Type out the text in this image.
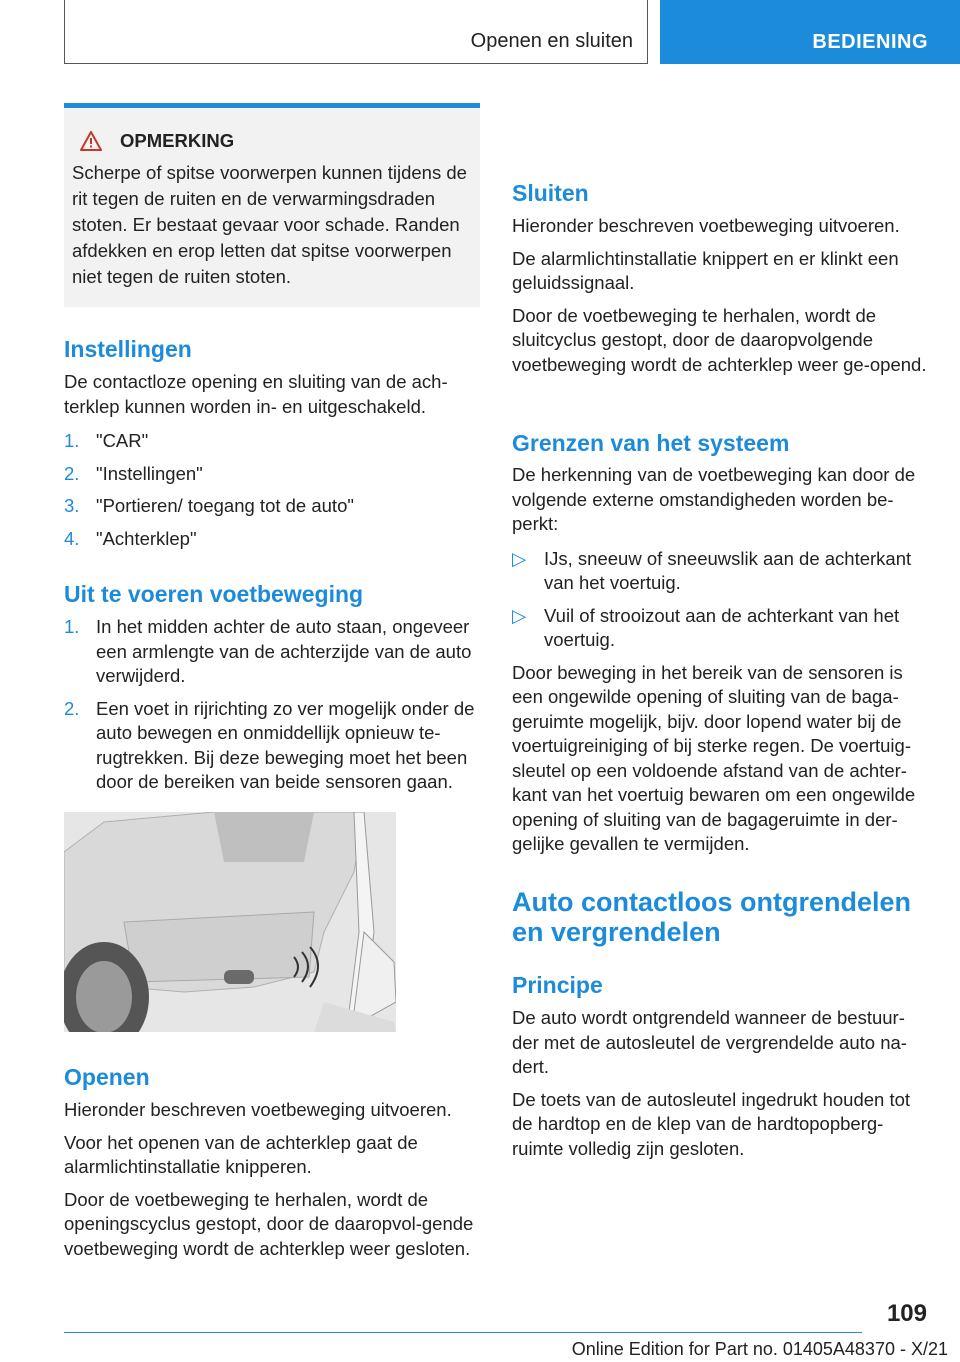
Openen en sluiten	BEDIENING
OPMERKING

Scherpe of spitse voorwerpen kunnen tijdens de rit tegen de ruiten en de verwarmingsdraden stoten. Er bestaat gevaar voor schade. Randen afdekken en erop letten dat spitse voorwerpen niet tegen de ruiten stoten.

Instellingen

De contactloze opening en sluiting van de ach-terklep kunnen worden in- en uitgeschakeld.

1. "CAR"
2. "Instellingen"
3. "Portieren/ toegang tot de auto"
4. "Achterklep"
Uit te voeren voetbeweging
1. In het midden achter de auto staan, ongeveer een armlengte van de achterzijde van de auto verwijderd.
2. Een voet in rijrichting zo ver mogelijk onder de auto bewegen en onmiddellijk opnieuw te-rugtrekken. Bij deze beweging moet het been door de bereiken van beide sensoren gaan.
Openen

Hieronder beschreven voetbeweging uitvoeren.

Voor het openen van de achterklep gaat de alarmlichtinstallatie knipperen.

Door de voetbeweging te herhalen, wordt de openingscyclus gestopt, door de daaropvol-gende voetbeweging wordt de achterklep weer gesloten.

Sluiten

Hieronder beschreven voetbeweging uitvoeren.

De alarmlichtinstallatie knippert en er klinkt een geluidssignaal.

Door de voetbeweging te herhalen, wordt de sluitcyclus gestopt, door de daaropvolgende voetbeweging wordt de achterklep weer ge-opend.

Grenzen van het systeem

De herkenning van de voetbeweging kan door de volgende externe omstandigheden worden be-perkt:

▷ IJs, sneeuw of sneeuwslik aan de achterkant van het voertuig.
▷ Vuil of strooizout aan de achterkant van het voertuig.

Door beweging in het bereik van de sensoren is een ongewilde opening of sluiting van de baga-geruimte mogelijk, bijv. door lopend water bij de voertuigreiniging of bij sterke regen. De voertuig-sleutel op een voldoende afstand van de achter-kant van het voertuig bewaren om een ongewilde opening of sluiting van de bagageruimte in der-gelijke gevallen te vermijden.

Auto contactloos ontgrendelen
en vergrendelen
Principe

De auto wordt ontgrendeld wanneer de bestuur-der met de autosleutel de vergrendelde auto na-dert.

De toets van de autosleutel ingedrukt houden tot de hardtop en de klep van de hardtopopberg-ruimte volledig zijn gesloten.

109
Online Edition for Part no. 01405A48370 - X/21
